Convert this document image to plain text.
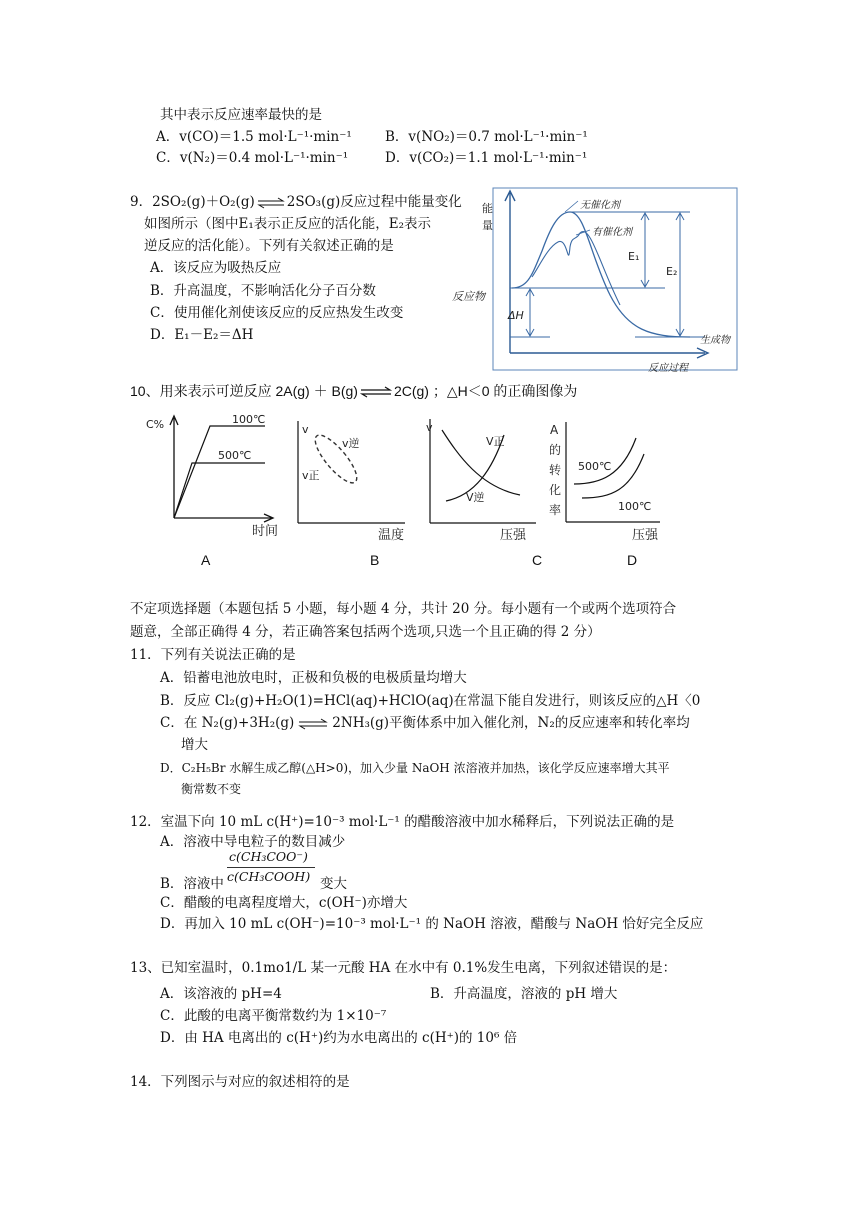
其中表示反应速率最快的是
A．v(CO)＝1.5 mol·L⁻¹·min⁻¹ B．v(NO₂)＝0.7 mol·L⁻¹·min⁻¹
C．v(N₂)＝0.4 mol·L⁻¹·min⁻¹	D．v(CO₂)＝1.1 mol·L⁻¹·min⁻¹
9．2SO₂(g)＋O₂(g)⇌2SO₃(g)反应过程中能量变化
如图所示（图中E₁表示正反应的活化能，E₂表示
逆反应的活化能）。下列有关叙述正确的是
A．该反应为吸热反应
B．升高温度，不影响活化分子百分数
C．使用催化剂使该反应的反应热发生改变
D．E₁－E₂＝ΔH
能
量
无催化剂
有催化剂
E₁
E₂
反应物
ΔH
生成物
反应过程
10、用来表示可逆反应 2A(g) ＋ B(g)⇌2C(g) ；△H＜0 的正确图像为
C%	100℃
500℃
时间
v
v逆
v正
温度
v
V正
V逆
压强
A
的
转
化
率
500℃
100℃
压强
A	B	C	D
不定项选择题（本题包括 5 小题，每小题 4 分，共计 20 分。每小题有一个或两个选项符合
题意，全部正确得 4 分，若正确答案包括两个选项,只选一个且正确的得 2 分）
11．下列有关说法正确的是
A．铅蓄电池放电时，正极和负极的电极质量均增大
B．反应 Cl₂(g)+H₂O(1)=HCl(aq)+HClO(aq)在常温下能自发进行，则该反应的△H〈0
C．在 N₂(g)+3H₂(g) ⇌ 2NH₃(g)平衡体系中加入催化剂，N₂的反应速率和转化率均
增大
D．C₂H₅Br 水解生成乙醇(△H>0)，加入少量 NaOH 浓溶液并加热，该化学反应速率增大其平
衡常数不变
12．室温下向 10 mL c(H⁺)=10⁻³ mol·L⁻¹ 的醋酸溶液中加水稀释后，下列说法正确的是
A．溶液中导电粒子的数目减少
c(CH₃COO⁻)
c(CH₃COOH)
B．溶液中	变大
C．醋酸的电离程度增大，c(OH⁻)亦增大
D．再加入 10 mL c(OH⁻)=10⁻³ mol·L⁻¹ 的 NaOH 溶液，醋酸与 NaOH 恰好完全反应
13、已知室温时，0.1mo1/L 某一元酸 HA 在水中有 0.1%发生电离，下列叙述错误的是：
A．该溶液的 pH=4	B．升高温度，溶液的 pH 增大
C．此酸的电离平衡常数约为 1×10⁻⁷
D．由 HA 电离出的 c(H⁺)约为水电离出的 c(H⁺)的 10⁶ 倍
14．下列图示与对应的叙述相符的是
